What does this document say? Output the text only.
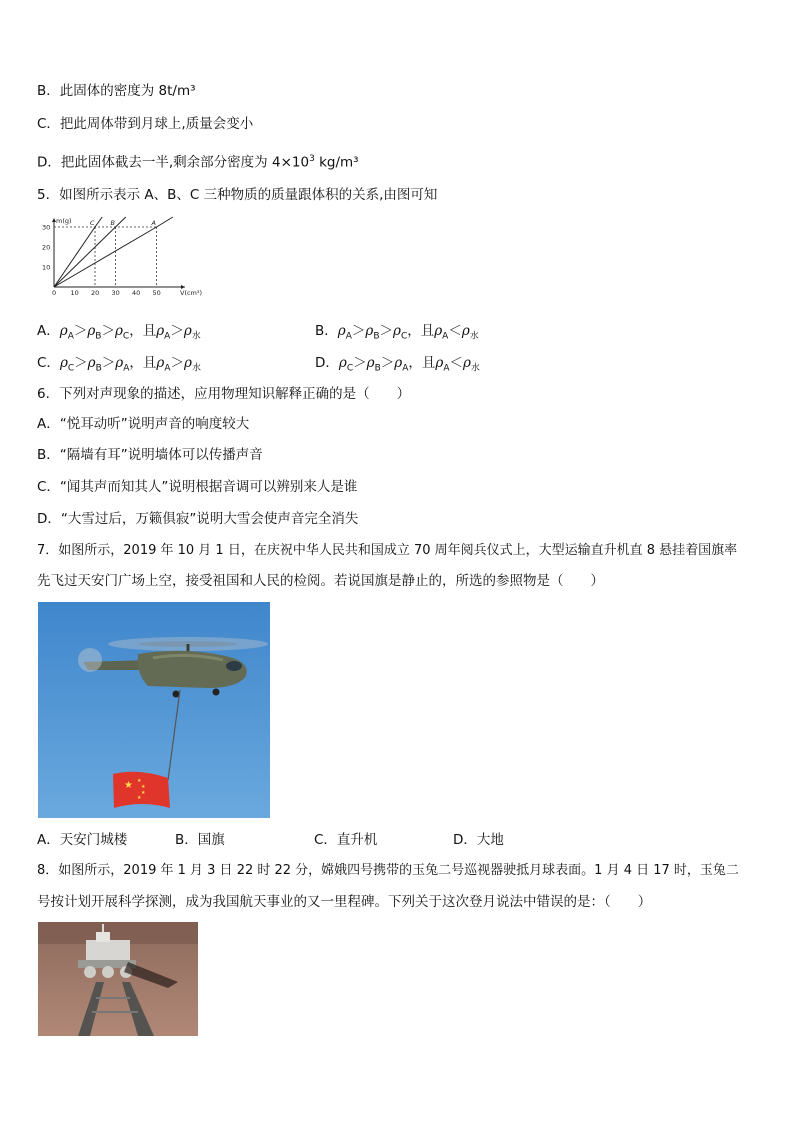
B．此固体的密度为 8t/m³
C．把此周体带到月球上,质量会变小
D．把此固体截去一半,剩余部分密度为 $4\times 10^3$ kg/m³
5．如图所示表示 A、B、C 三种物质的质量跟体积的关系,由图可知
m(g)
V(cm³)
0 10 20 30 40 50
10
20
30
C B	A
A．$\rho_A>\rho_B>\rho_C$，且$\rho_A>\rho_水$	B．$\rho_A>\rho_B>\rho_C$，且$\rho_A<\rho_水$
C．$\rho_C>\rho_B>\rho_A$，且$\rho_A>\rho_水$	D．$\rho_C>\rho_B>\rho_A$，且$\rho_A<\rho_水$
6．下列对声现象的描述，应用物理知识解释正确的是（　　）
A．“悦耳动听”说明声音的响度较大
B．“隔墙有耳”说明墙体可以传播声音
C．“闻其声而知其人”说明根据音调可以辨别来人是谁
D．“大雪过后，万籁俱寂”说明大雪会使声音完全消失
7．如图所示，2019 年 10 月 1 日，在庆祝中华人民共和国成立 70 周年阅兵仪式上，大型运输直升机直 8 悬挂着国旗率
先飞过天安门广场上空，接受祖国和人民的检阅。若说国旗是静止的，所选的参照物是（　　）
★ ★
★
★
★
A．天安门城楼	B．国旗	C．直升机	D．大地
8．如图所示，2019 年 1 月 3 日 22 时 22 分，嫦娥四号携带的玉兔二号巡视器驶抵月球表面。1 月 4 日 17 时，玉兔二
号按计划开展科学探测，成为我国航天事业的又一里程碑。下列关于这次登月说法中错误的是：（　　）
